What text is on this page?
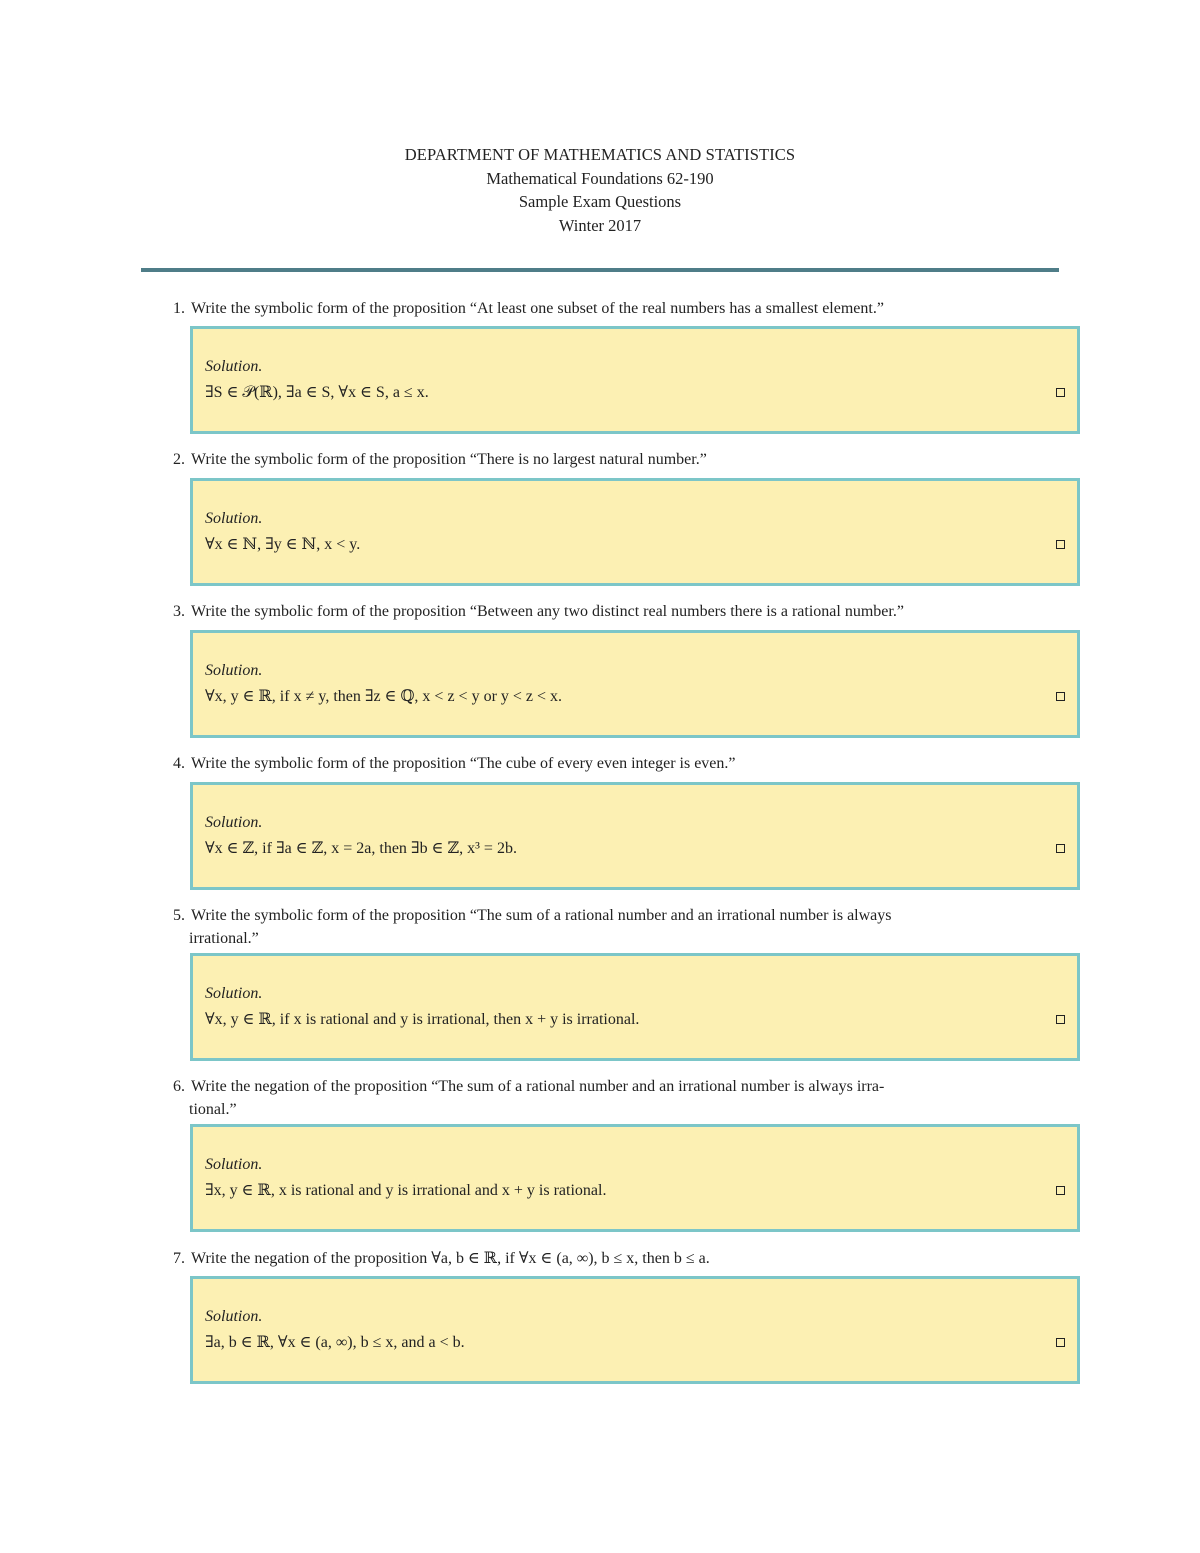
DEPARTMENT OF MATHEMATICS AND STATISTICS
Mathematical Foundations 62-190
Sample Exam Questions
Winter 2017
1. Write the symbolic form of the proposition “At least one subset of the real numbers has a smallest element.”
Solution.
∃S ∈ 𝒫(ℝ), ∃a ∈ S, ∀x ∈ S, a ≤ x.
2. Write the symbolic form of the proposition “There is no largest natural number.”
Solution.
∀x ∈ ℕ, ∃y ∈ ℕ, x < y.
3. Write the symbolic form of the proposition “Between any two distinct real numbers there is a rational number.”
Solution.
∀x, y ∈ ℝ, if x ≠ y, then ∃z ∈ ℚ, x < z < y or y < z < x.
4. Write the symbolic form of the proposition “The cube of every even integer is even.”
Solution.
∀x ∈ ℤ, if ∃a ∈ ℤ, x = 2a, then ∃b ∈ ℤ, x³ = 2b.
5. Write the symbolic form of the proposition “The sum of a rational number and an irrational number is always
irrational.”
Solution.
∀x, y ∈ ℝ, if x is rational and y is irrational, then x + y is irrational.
6. Write the negation of the proposition “The sum of a rational number and an irrational number is always irra-
tional.”
Solution.
∃x, y ∈ ℝ, x is rational and y is irrational and x + y is rational.
7. Write the negation of the proposition ∀a, b ∈ ℝ, if ∀x ∈ (a, ∞), b ≤ x, then b ≤ a.
Solution.
∃a, b ∈ ℝ, ∀x ∈ (a, ∞), b ≤ x, and a < b.
